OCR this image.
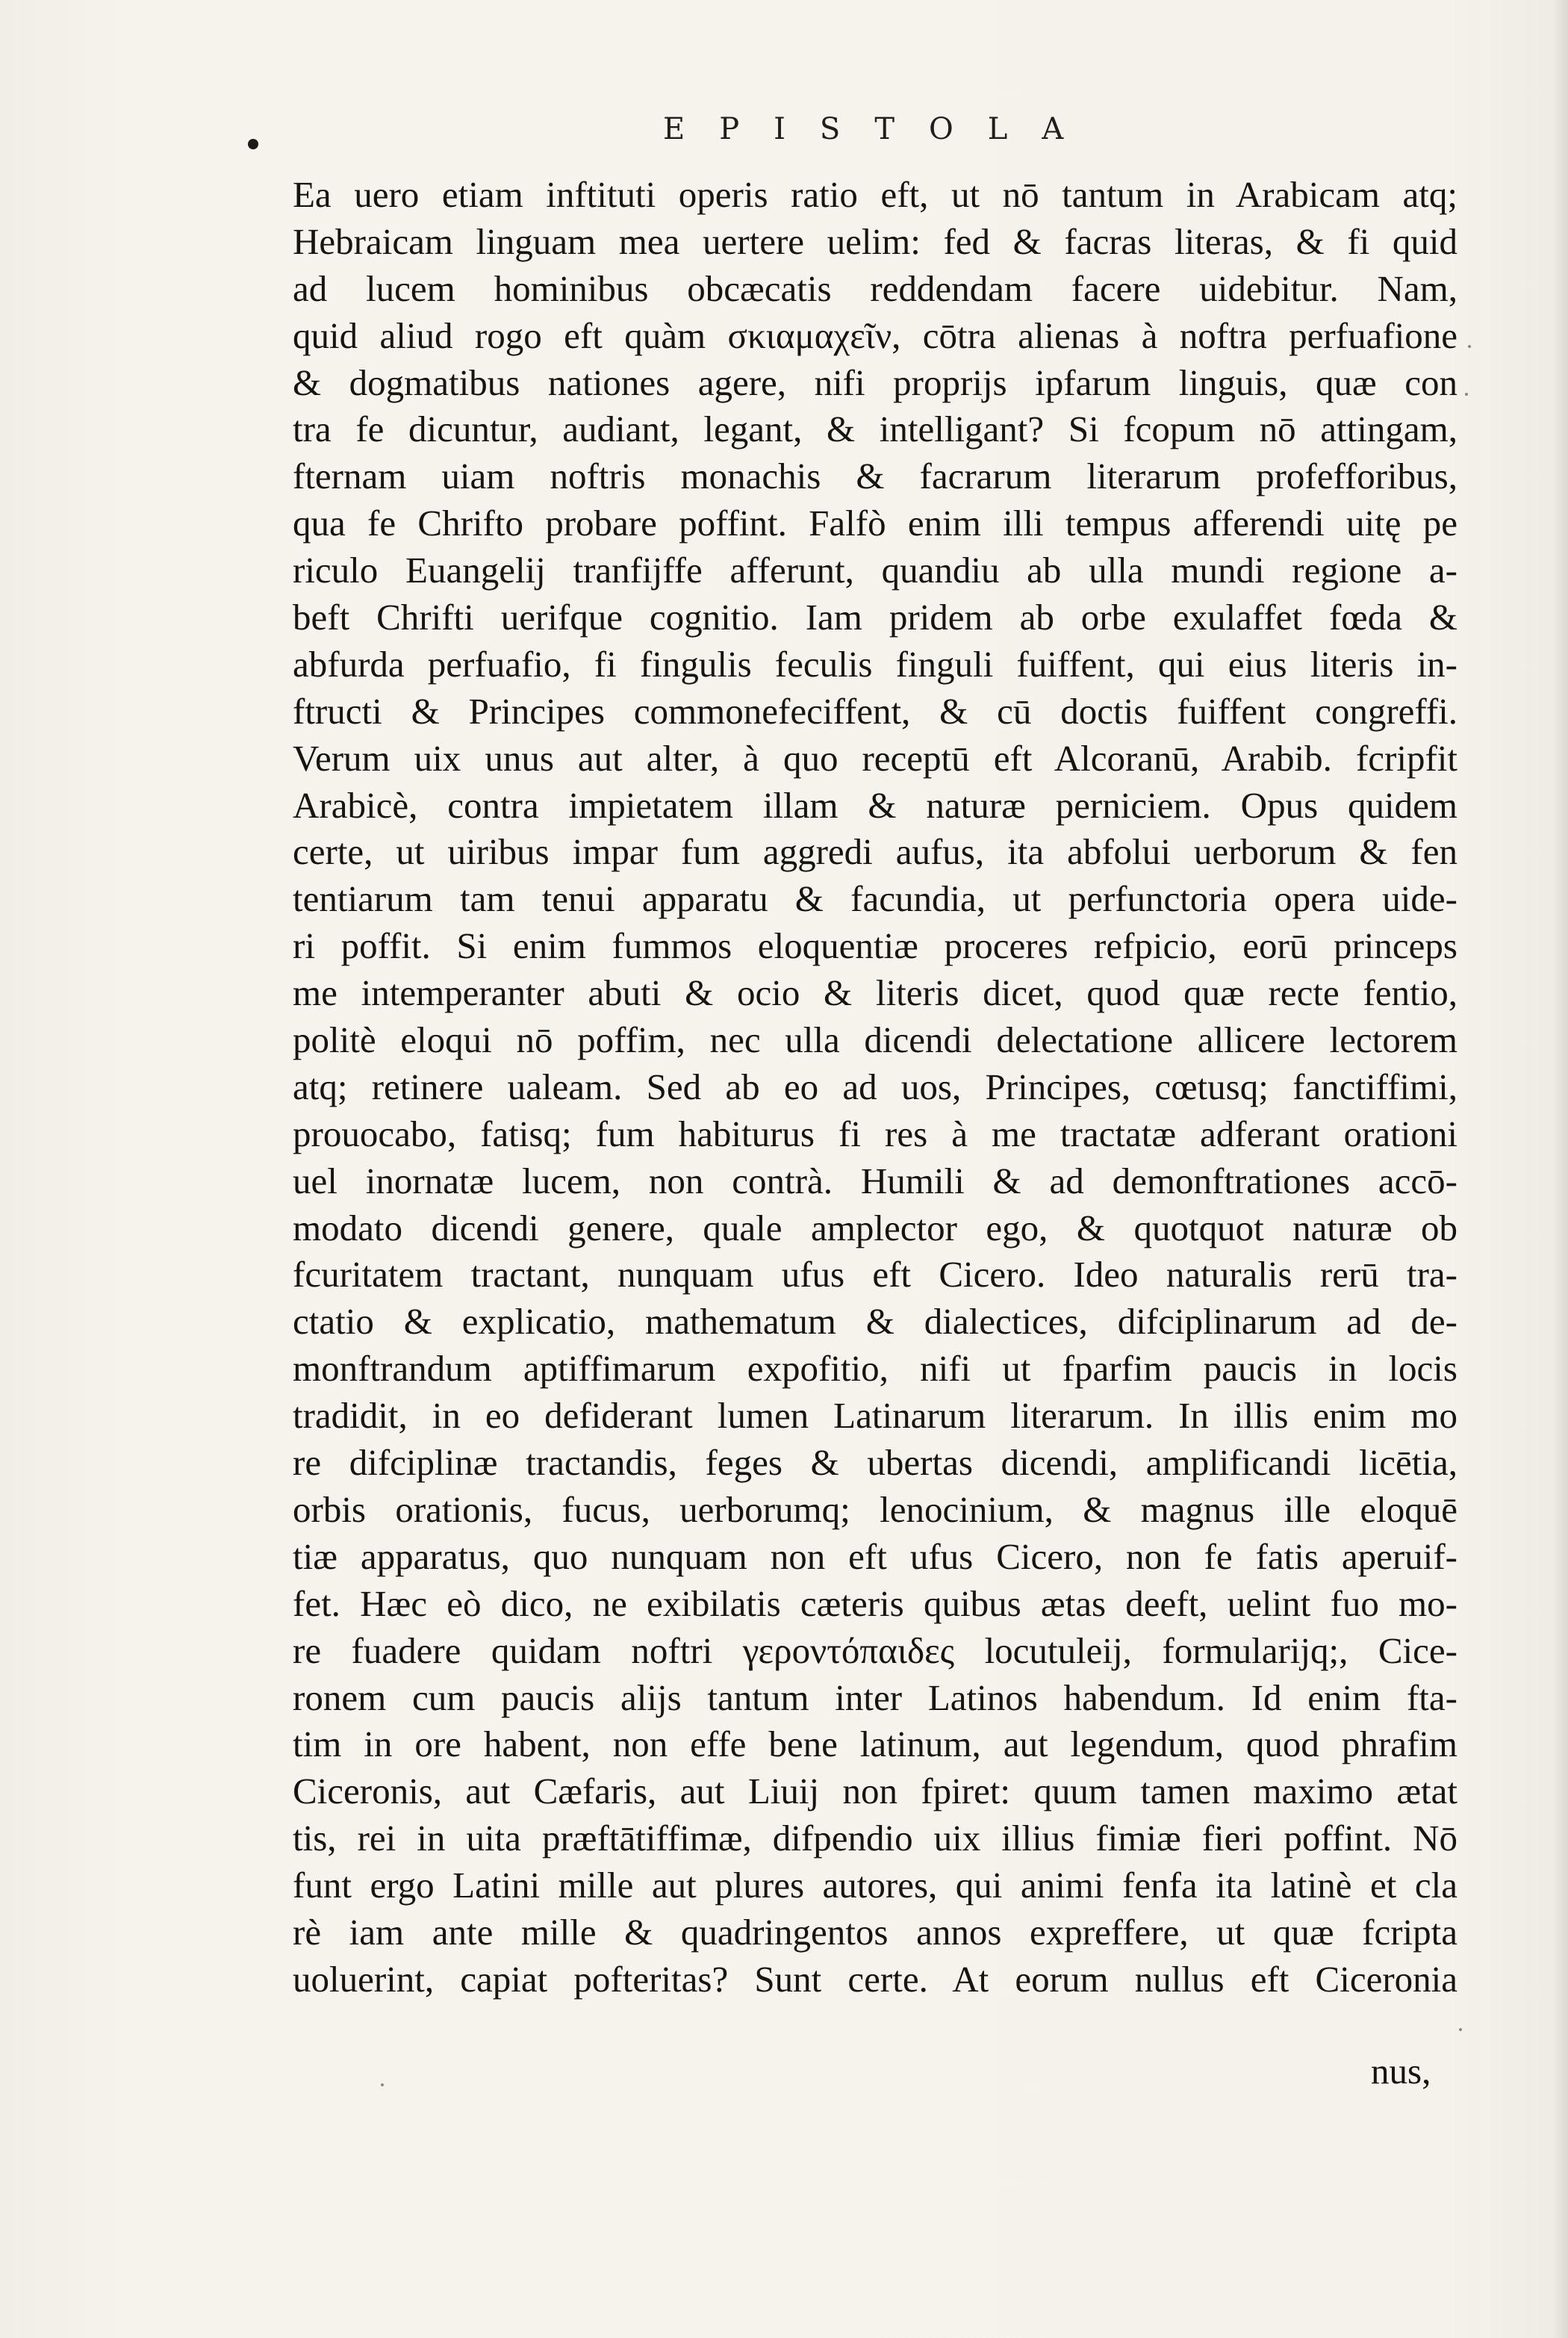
EPISTOLA
Ea uero etiam inftituti operis ratio eft, ut nō tantum in Arabicam atq;
Hebraicam linguam mea uertere uelim: fed & facras literas, & fi quid
ad lucem hominibus obcæcatis reddendam facere uidebitur. Nam,
quid aliud rogo eft quàm σκιαμαχεῖν, cōtra alienas à noftra perfuafione
& dogmatibus nationes agere, nifi proprijs ipfarum linguis, quæ con
tra fe dicuntur, audiant, legant, & intelligant? Si fcopum nō attingam,
fternam uiam noftris monachis & facrarum literarum profefforibus,
qua fe Chrifto probare poffint. Falfò enim illi tempus afferendi uitę pe
riculo Euangelij tranfijffe afferunt, quandiu ab ulla mundi regione a-
beft Chrifti uerifque cognitio. Iam pridem ab orbe exulaffet fœda &
abfurda perfuafio, fi fingulis feculis finguli fuiffent, qui eius literis in-
ftructi & Principes commonefeciffent, & cū doctis fuiffent congreffi.
Verum uix unus aut alter, à quo receptū eft Alcoranū, Arabib. fcripfit
Arabicè, contra impietatem illam & naturæ perniciem. Opus quidem
certe, ut uiribus impar fum aggredi aufus, ita abfolui uerborum & fen
tentiarum tam tenui apparatu & facundia, ut perfunctoria opera uide-
ri poffit. Si enim fummos eloquentiæ proceres refpicio, eorū princeps
me intemperanter abuti & ocio & literis dicet, quod quæ recte fentio,
politè eloqui nō poffim, nec ulla dicendi delectatione allicere lectorem
atq; retinere ualeam. Sed ab eo ad uos, Principes, cœtusq; fanctiffimi,
prouocabo, fatisq; fum habiturus fi res à me tractatæ adferant orationi
uel inornatæ lucem, non contrà. Humili & ad demonftrationes accō-
modato dicendi genere, quale amplector ego, & quotquot naturæ ob
fcuritatem tractant, nunquam ufus eft Cicero. Ideo naturalis rerū tra-
ctatio & explicatio, mathematum & dialectices, difciplinarum ad de-
monftrandum aptiffimarum expofitio, nifi ut fparfim paucis in locis
tradidit, in eo defiderant lumen Latinarum literarum. In illis enim mo
re difciplinæ tractandis, feges & ubertas dicendi, amplificandi licētia,
orbis orationis, fucus, uerborumq; lenocinium, & magnus ille eloquē
tiæ apparatus, quo nunquam non eft ufus Cicero, non fe fatis aperuif-
fet. Hæc eò dico, ne exibilatis cæteris quibus ætas deeft, uelint fuo mo-
re fuadere quidam noftri γεροντόπαιδες locutuleij, formularijq;, Cice-
ronem cum paucis alijs tantum inter Latinos habendum. Id enim fta-
tim in ore habent, non effe bene latinum, aut legendum, quod phrafim
Ciceronis, aut Cæfaris, aut Liuij non fpiret: quum tamen maximo ætat
tis, rei in uita præftātiffimæ, difpendio uix illius fimiæ fieri poffint. Nō
funt ergo Latini mille aut plures autores, qui animi fenfa ita latinè et cla
rè iam ante mille & quadringentos annos expreffere, ut quæ fcripta
uoluerint, capiat pofteritas? Sunt certe. At eorum nullus eft Ciceronia
nus,
